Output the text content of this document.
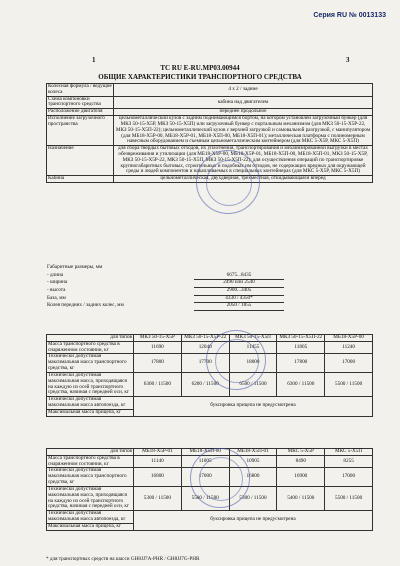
Серия RU № 0013133
1	3
ТС RU E-RU.MP03.00944
ОБЩИЕ ХАРАКТЕРИСТИКИ ТРАНСПОРТНОГО СРЕДСТВА
Колесная формула / ведущие колеса	4 x 2 / задние
Схема компоновки транспортного средства	кабина над двигателем
Расположение двигателя	переднее продольное
Исполнение загрузочного пространства	цельнометаллический кузов с задним поднимающимся бортом, на котором установлен загрузочный бункер (для МКЗ 50-15-Х5Р, МКЗ 50-15-Х5П) или загрузочный бункер с портальным механизмом (для МКЗ 50-15-Х5Р-22, МКЗ 50-15-Х5П-22); цельнометаллический кузов с верхней загрузкой и самовальной разгрузкой, с манипулятором (для МБ18-Х5Р-00, МБ18-Х5Р-01, МБ18-Х5П-00, МБ18-Х5П-01); металлическая платформа с полиномерным навесным оборудованием и съемным цельнометаллическим контейнером (для МКС 5-Х5Р, МКС 5-Х5П)
Назначение	для сбора твердых бытовых отходов, их уплотнения, транспортирования и механизированной выгрузки в местах обезвреживания и утилизации (для МБ18-Х5Р-00, МБ18-Х5Р-01, МБ18-Х5П-00, МБ18-Х5П-01, МКЗ 50-15-Х5Р, МКЗ 50-15-Х5Р-22, МКЗ 50-15-Х5П, МКЗ 50-15-Х5П-22); для осуществления операций по транспортировке крупногабаритных бытовых, строительных и подобных им отходов, не содержащих вредных для окружающей среды и людей компонентов и накапливаемых в специальных контейнерах (для МКС 5-Х5Р, МКС 5-Х5П)
Кабина	цельнометаллическая, двухдверная, трехместная, откидывающаяся вперед
Габаритные размеры, мм
- длина	6675...8435
- ширина	2490 или 2540
- высота	2900...3405
База, мм	4330 / 4350*
Колея передних / задних колес, мм	2050 / 1855
для типов	МКЗ 50-15-Х5Р	МКЗ 50-15-Х5Р-22	МКЗ 50-15-Х5П	МКЗ 50-15-Х5П-22	МБ18-Х5Р-00
Масса транспортного средства в снаряженном состоянии, кг	11690	12040	11455	11805	11240
Технически допустимая максимальная масса транспортного средства, кг	17800	17700	18000	17800	17000
Технически допустимая максимальная масса, приходящаяся на каждую из осей транспортного средства, начиная с передней оси, кг	6300 / 11500	6200 / 11500	6500 / 11500	6300 / 11500	5500 / 11500
Технически допустимая максимальная масса автопоезда, кг	буксировка прицепа не предусмотрена				
Максимальная масса прицепа, кг					
для типов	МБ18-Х5Р-01	МБ18-Х5П-00	МБ18-Х5П-01	МКС 5-Х5Р	МКС 5-Х5П
Масса транспортного средства в снаряженном состоянии, кг	11140	11005	10905	8490	8255
Технически допустимая максимальная масса транспортного средства, кг	16800	17000	16800	16900	17000
Технически допустимая максимальная масса, приходящаяся на каждую из осей транспортного средства, начиная с передней оси, кг	5300 / 11500	5500 / 11500	5300 / 11500	5400 / 11500	5500 / 11500
Технически допустимая максимальная масса автопоезда, кг	буксировка прицепа не предусмотрена				
Максимальная масса прицепа, кг					
* для транспортных средств на шасси GH8JJ7A-PHR / GH8JJ7G-PHR
